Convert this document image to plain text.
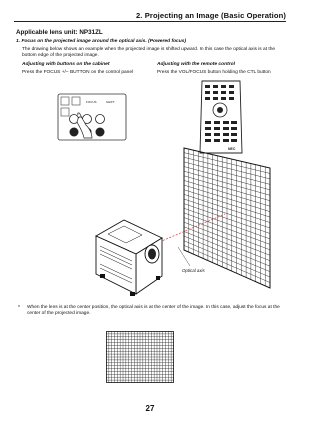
2. Projecting an Image (Basic Operation)
Applicable lens unit: NP31ZL
1. Focus on the projected image around the optical axis. (Powered focus)
The drawing below shows an example when the projected image is shifted upward. In this case the optical axis is at the bottom edge of the projected image.
Adjusting with buttons on the cabinet	Adjusting with the remote control
Press the FOCUS +/− BUTTON on the control panel	Press the VOL/FOCUS button holding the CTL button
FOCUS	SHIFT
NEC
Optical axis
* When the lens is at the center position, the optical axis is at the center of the image. In this case, adjust the focus at the center of the projected image.
27
